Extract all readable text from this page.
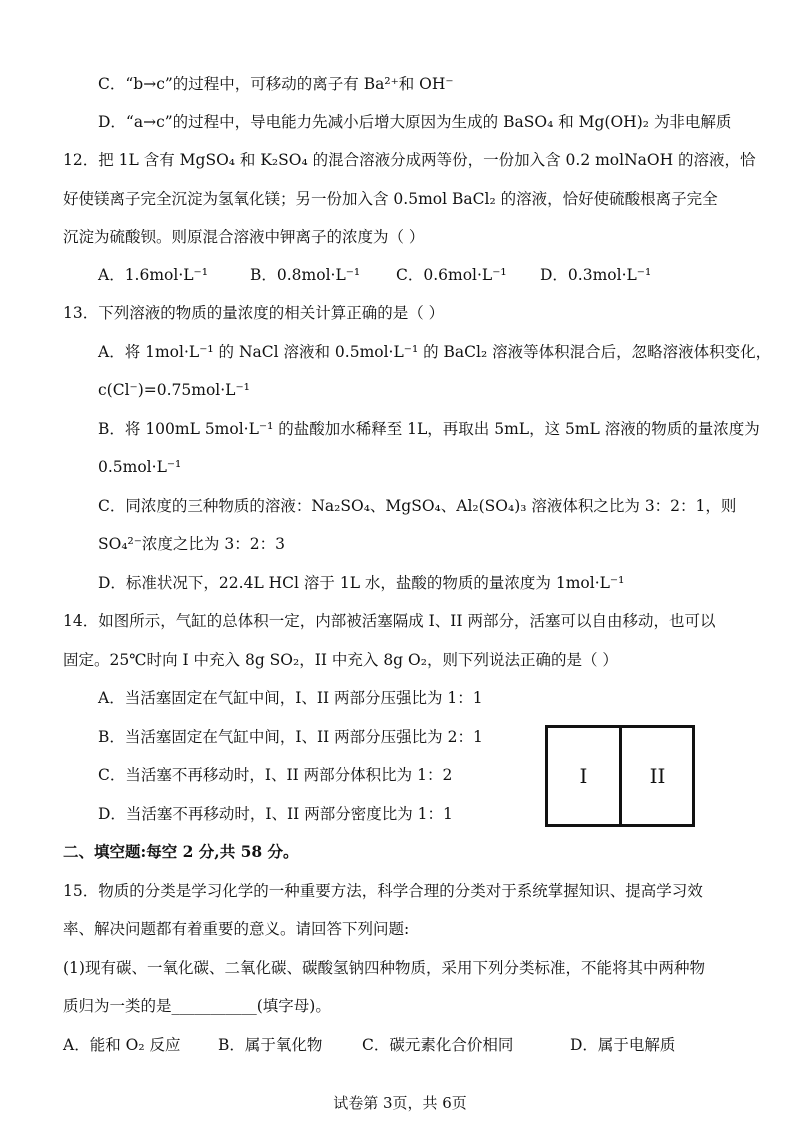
C．“b→c”的过程中，可移动的离子有 Ba²⁺和 OH⁻
D．“a→c”的过程中，导电能力先减小后增大原因为生成的 BaSO₄ 和 Mg(OH)₂ 为非电解质
12．把 1L 含有 MgSO₄ 和 K₂SO₄ 的混合溶液分成两等份，一份加入含 0.2 molNaOH 的溶液，恰
好使镁离子完全沉淀为氢氧化镁；另一份加入含 0.5mol BaCl₂ 的溶液，恰好使硫酸根离子完全
沉淀为硫酸钡。则原混合溶液中钾离子的浓度为（ ）
A．1.6mol·L⁻¹	B．0.8mol·L⁻¹ C．0.6mol·L⁻¹ D．0.3mol·L⁻¹
13．下列溶液的物质的量浓度的相关计算正确的是（ ）
A．将 1mol·L⁻¹ 的 NaCl 溶液和 0.5mol·L⁻¹ 的 BaCl₂ 溶液等体积混合后，忽略溶液体积变化，
c(Cl⁻)=0.75mol·L⁻¹
B．将 100mL 5mol·L⁻¹ 的盐酸加水稀释至 1L，再取出 5mL，这 5mL 溶液的物质的量浓度为
0.5mol·L⁻¹
C．同浓度的三种物质的溶液：Na₂SO₄、MgSO₄、Al₂(SO₄)₃ 溶液体积之比为 3：2：1，则
SO₄²⁻浓度之比为 3：2：3
D．标准状况下，22.4L HCl 溶于 1L 水，盐酸的物质的量浓度为 1mol·L⁻¹
14．如图所示，气缸的总体积一定，内部被活塞隔成 I、II 两部分，活塞可以自由移动，也可以
固定。25℃时向 I 中充入 8g SO₂，II 中充入 8g O₂，则下列说法正确的是（ ）
A．当活塞固定在气缸中间，I、II 两部分压强比为 1：1
B．当活塞固定在气缸中间，I、II 两部分压强比为 2：1
C．当活塞不再移动时，I、II 两部分体积比为 1：2
D．当活塞不再移动时，I、II 两部分密度比为 1：1
I	II
二、填空题:每空 2 分,共 58 分。
15．物质的分类是学习化学的一种重要方法，科学合理的分类对于系统掌握知识、提高学习效
率、解决问题都有着重要的意义。请回答下列问题:
(1)现有碳、一氧化碳、二氧化碳、碳酸氢钠四种物质，采用下列分类标准，不能将其中两种物
质归为一类的是___________(填字母)。
A．能和 O₂ 反应 B．属于氧化物	C．碳元素化合价相同	D．属于电解质
试卷第 3页，共 6页
